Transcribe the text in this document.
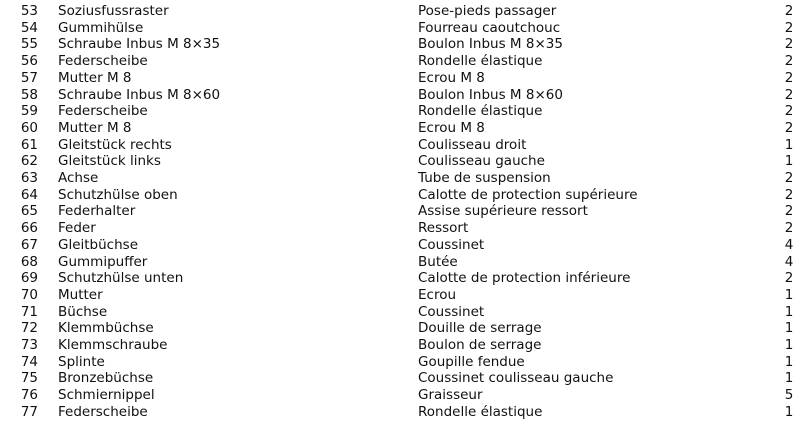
53 Soziusfussraster	Pose-pieds passager	2
54 Gummihülse	Fourreau caoutchouc	2
55 Schraube Inbus M 8×35	Boulon Inbus M 8×35	2
56 Federscheibe	Rondelle élastique	2
57 Mutter M 8	Ecrou M 8	2
58 Schraube Inbus M 8×60	Boulon Inbus M 8×60	2
59 Federscheibe	Rondelle élastique	2
60 Mutter M 8	Ecrou M 8	2
61 Gleitstück rechts	Coulisseau droit	1
62 Gleitstück links	Coulisseau gauche	1
63 Achse	Tube de suspension	2
64 Schutzhülse oben	Calotte de protection supérieure	2
65 Federhalter	Assise supérieure ressort	2
66 Feder	Ressort	2
67 Gleitbüchse	Coussinet	4
68 Gummipuffer	Butée	4
69 Schutzhülse unten	Calotte de protection inférieure	2
70 Mutter	Ecrou	1
71 Büchse	Coussinet	1
72 Klemmbüchse	Douille de serrage	1
73 Klemmschraube	Boulon de serrage	1
74 Splinte	Goupille fendue	1
75 Bronzebüchse	Coussinet coulisseau gauche	1
76 Schmiernippel	Graisseur	5
77 Federscheibe	Rondelle élastique	1
